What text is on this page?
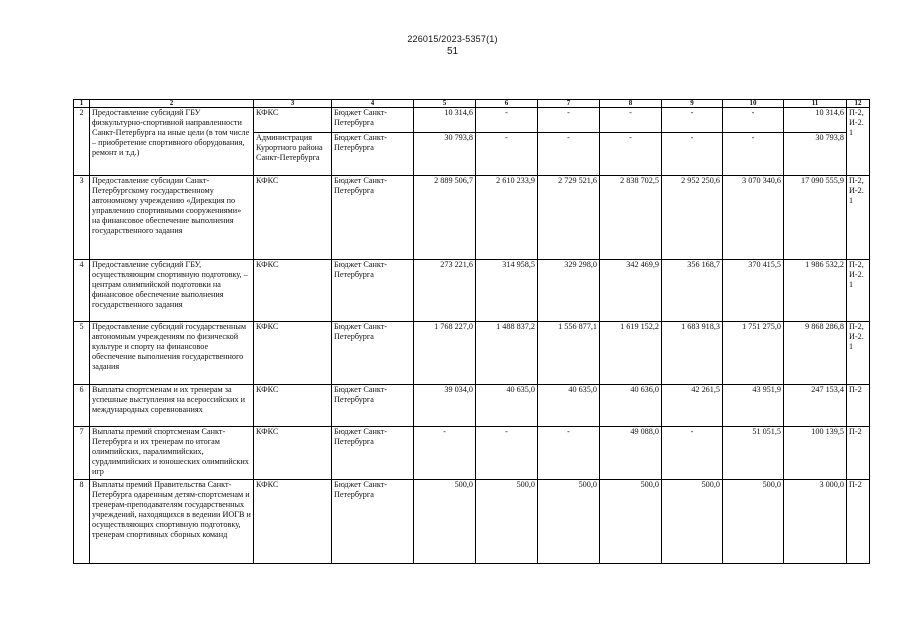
226015/2023-5357(1)
51
1	2	3	4	5	6	7	8	9	10	11	12
2	Предоставление субсидий ГБУ физкультурно-спортивной направленности Санкт-Петербурга на иные цели (в том числе – приобретение спортивного оборудования, ремонт и т.д.)	КФКС	Бюджет Санкт-Петербурга	10 314,6	-	-	-	-	-	10 314,6	П-2, И-2.1
		Администрация Курортного района Санкт-Петербурга	Бюджет Санкт-Петербурга	30 793,8	-	-	-	-	-	30 793,8	
3	Предоставление субсидии Санкт-Петербургскому государственному автономному учреждению «Дирекция по управлению спортивными сооружениями» на финансовое обеспечение выполнения государственного задания	КФКС	Бюджет Санкт-Петербурга	2 889 506,7	2 610 233,9	2 729 521,6	2 838 702,5	2 952 250,6	3 070 340,6	17 090 555,9	П-2, И-2.1
4	Предоставление субсидий ГБУ, осуществляющим спортивную подготовку, – центрам олимпийской подготовки на финансовое обеспечение выполнения государственного задания	КФКС	Бюджет Санкт-Петербурга	273 221,6	314 958,5	329 298,0	342 469,9	356 168,7	370 415,5	1 986 532,2	П-2, И-2.1
5	Предоставление субсидий государственным автономным учреждениям по физической культуре и спорту на финансовое обеспечение выполнения государственного задания	КФКС	Бюджет Санкт-Петербурга	1 768 227,0	1 488 837,2	1 556 877,1	1 619 152,2	1 683 918,3	1 751 275,0	9 868 286,8	П-2, И-2.1
6	Выплаты спортсменам и их тренерам за успешные выступления на всероссийских и международных соревнованиях	КФКС	Бюджет Санкт-Петербурга	39 034,0	40 635,0	40 635,0	40 636,0	42 261,5	43 951,9	247 153,4	П-2
7	Выплаты премий спортсменам Санкт-Петербурга и их тренерам по итогам олимпийских, паралимпийских, сурдлимпийских и юношеских олимпийских игр	КФКС	Бюджет Санкт-Петербурга	-	-	-	49 088,0	-	51 051,5	100 139,5	П-2
8	Выплаты премий Правительства Санкт-Петербурга одаренным детям-спортсменам и тренерам-преподавателям государственных учреждений, находящихся в ведении ИОГВ и осуществляющих спортивную подготовку, тренерам спортивных сборных команд	КФКС	Бюджет Санкт-Петербурга	500,0	500,0	500,0	500,0	500,0	500,0	3 000,0	П-2
